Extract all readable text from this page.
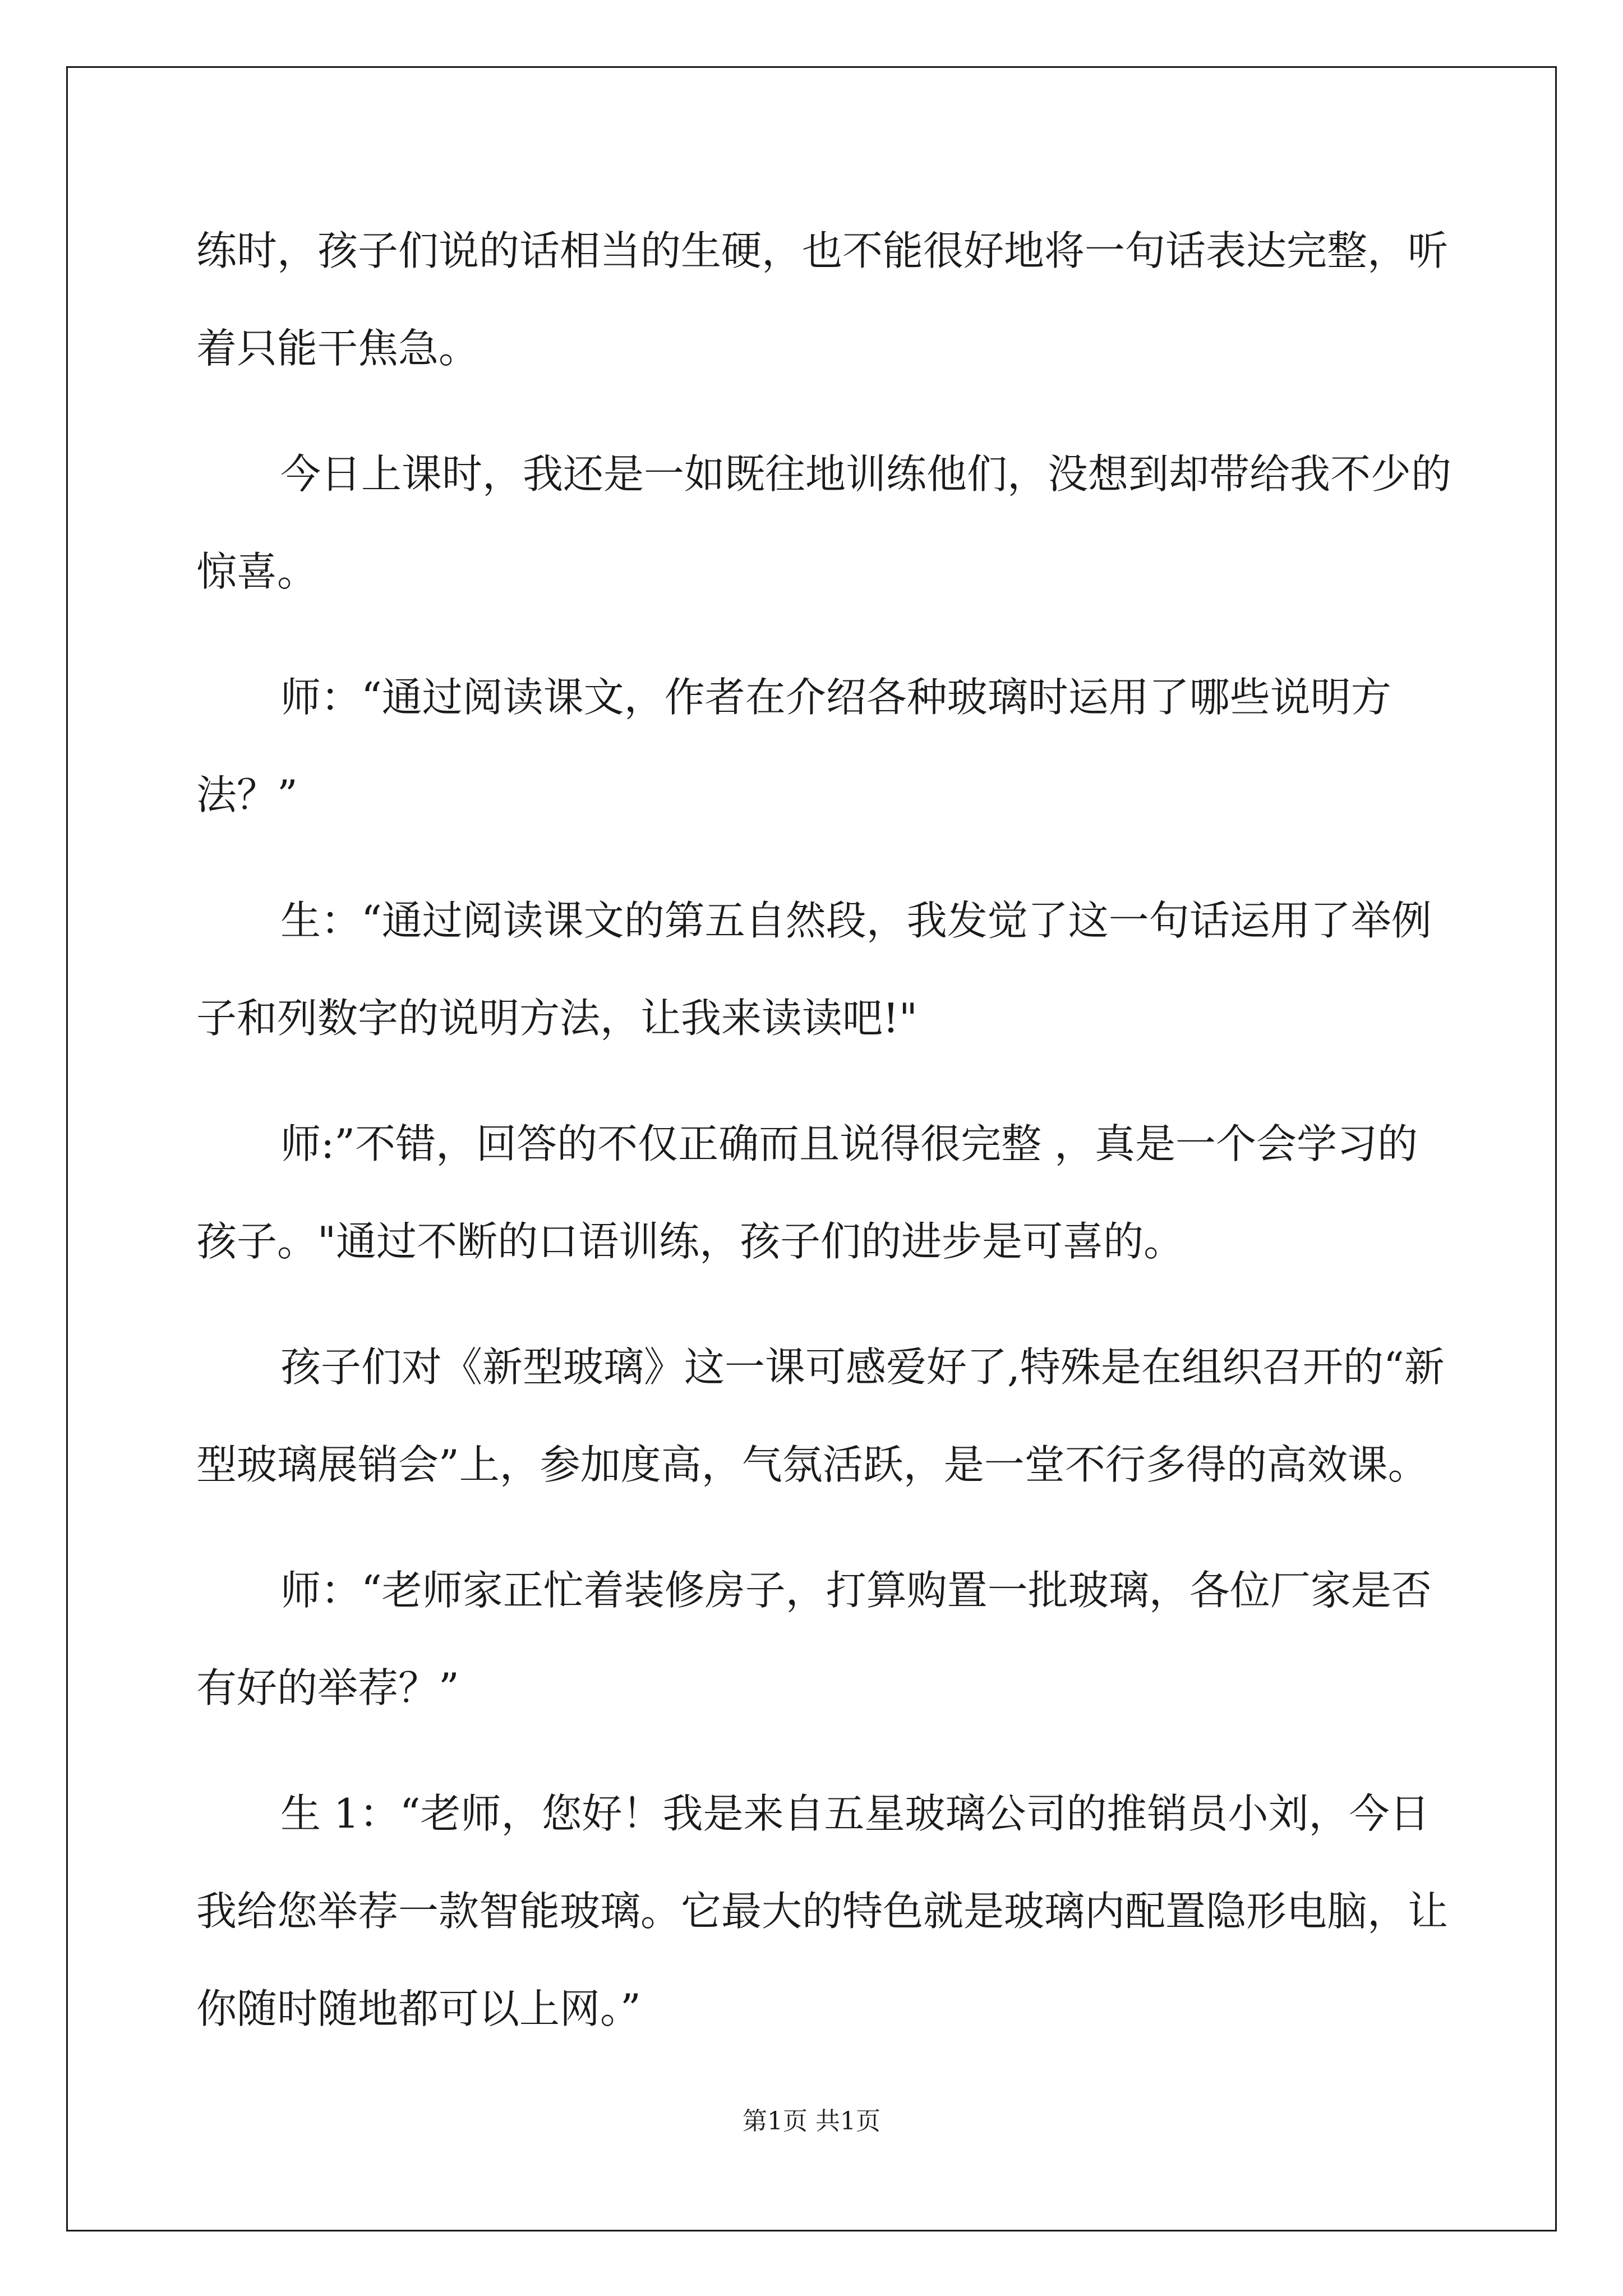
练时，孩子们说的话相当的生硬，也不能很好地将一句话表达完整，听着只能干焦急。

今日上课时，我还是一如既往地训练他们，没想到却带给我不少的惊喜。

师：“通过阅读课文，作者在介绍各种玻璃时运用了哪些说明方法？”

生：“通过阅读课文的第五自然段，我发觉了这一句话运用了举例子和列数字的说明方法，让我来读读吧!"

师:”不错，回答的不仅正确而且说得很完整 ，真是一个会学习的孩子。"通过不断的口语训练，孩子们的进步是可喜的。

孩子们对《新型玻璃》这一课可感爱好了,特殊是在组织召开的“新型玻璃展销会”上，参加度高，气氛活跃，是一堂不行多得的高效课。

师：“老师家正忙着装修房子，打算购置一批玻璃，各位厂家是否有好的举荐？”

生 1：“老师，您好！我是来自五星玻璃公司的推销员小刘，今日我给您举荐一款智能玻璃。它最大的特色就是玻璃内配置隐形电脑，让你随时随地都可以上网。”

第1页 共1页
